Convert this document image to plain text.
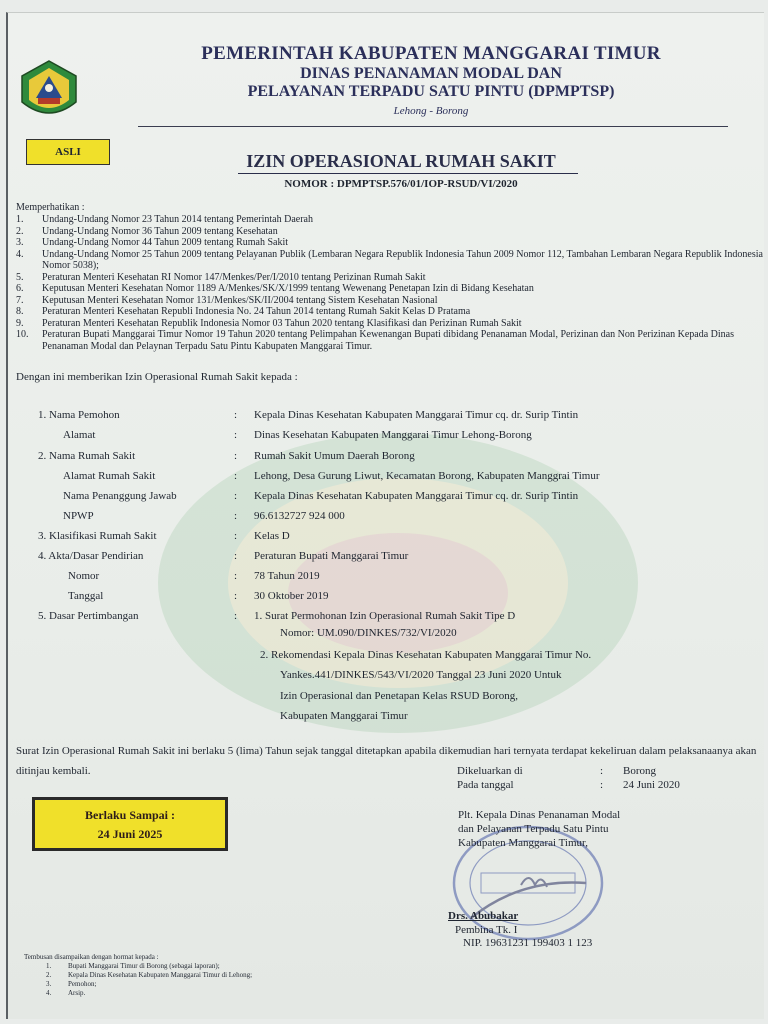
PEMERINTAH KABUPATEN MANGGARAI TIMUR
DINAS PENANAMAN MODAL DAN
PELAYANAN TERPADU SATU PINTU (DPMPTSP)
Lehong - Borong
ASLI	IZIN OPERASIONAL RUMAH SAKIT
NOMOR : DPMPTSP.576/01/IOP-RSUD/VI/2020
Memperhatikan :
1.	Undang-Undang Nomor 23 Tahun 2014 tentang Pemerintah Daerah
2.	Undang-Undang Nomor 36 Tahun 2009 tentang Kesehatan
3.	Undang-Undang Nomor 44 Tahun 2009 tentang Rumah Sakit
4.	Undang-Undang Nomor 25 Tahun 2009 tentang Pelayanan Publik (Lembaran Negara Republik Indonesia Tahun 2009 Nomor 112, Tambahan Lembaran Negara Republik Indonesia Nomor 5038);
5.	Peraturan Menteri Kesehatan RI Nomor 147/Menkes/Per/I/2010 tentang Perizinan Rumah Sakit
6.	Keputusan Menteri Kesehatan Nomor 1189 A/Menkes/SK/X/1999 tentang Wewenang Penetapan Izin di Bidang Kesehatan
7.	Keputusan Menteri Kesehatan Nomor 131/Menkes/SK/II/2004 tentang Sistem Kesehatan Nasional
8.	Peraturan Menteri Kesehatan Republi Indonesia No. 24 Tahun 2014 tentang Rumah Sakit Kelas D Pratama
9.	Peraturan Menteri Kesehatan Republik Indonesia Nomor 03 Tahun 2020 tentang Klasifikasi dan Perizinan Rumah Sakit
10.	Peraturan Bupati Manggarai Timur Nomor 19 Tahun 2020 tentang Pelimpahan Kewenangan Bupati dibidang Penanaman Modal, Perizinan dan Non Perizinan Kepada Dinas Penanaman Modal dan Pelaynan Terpadu Satu Pintu Kabupaten Manggarai Timur.
Dengan ini memberikan Izin Operasional Rumah Sakit kepada :
1. Nama Pemohon	: Kepala Dinas Kesehatan Kabupaten Manggarai Timur cq. dr. Surip Tintin
Alamat	: Dinas Kesehatan Kabupaten Manggarai Timur Lehong-Borong
2. Nama Rumah Sakit	: Rumah Sakit Umum Daerah Borong
Alamat Rumah Sakit	: Lehong, Desa Gurung Liwut, Kecamatan Borong, Kabupaten Manggrai Timur
Nama Penanggung Jawab	: Kepala Dinas Kesehatan Kabupaten Manggarai Timur cq. dr. Surip Tintin
NPWP	: 96.6132727 924 000
3. Klasifikasi Rumah Sakit	: Kelas D
4. Akta/Dasar Pendirian	: Peraturan Bupati Manggarai Timur
Nomor	: 78 Tahun 2019
Tanggal	: 30 Oktober 2019
5. Dasar Pertimbangan	: 1. Surat Permohonan Izin Operasional Rumah Sakit Tipe D
Nomor: UM.090/DINKES/732/VI/2020
2. Rekomendasi Kepala Dinas Kesehatan Kabupaten Manggarai Timur No.
Yankes.441/DINKES/543/VI/2020 Tanggal 23 Juni 2020 Untuk
Izin Operasional dan Penetapan Kelas RSUD Borong,
Kabupaten Manggarai Timur
Surat Izin Operasional Rumah Sakit ini berlaku 5 (lima) Tahun sejak tanggal ditetapkan apabila dikemudian hari ternyata terdapat kekeliruan dalam pelaksanaanya akan ditinjau kembali.	Dikeluarkan di	: Borong
Pada tanggal	: 24 Juni 2020
Berlaku Sampai :
24 Juni 2025
Plt. Kepala Dinas Penanaman Modal
dan Pelayanan Terpadu Satu Pintu
Kabupaten Manggarai Timur,
Drs. Abubakar
Pembina Tk. I
NIP. 19631231 199403 1 123
Tembusan disampaikan dengan hormat kepada :
1. Bupati Manggarai Timur di Borong (sebagai laporan);
2. Kepala Dinas Kesehatan Kabupaten Manggarai Timur di Lehong;
3. Pemohon;
4. Arsip.
